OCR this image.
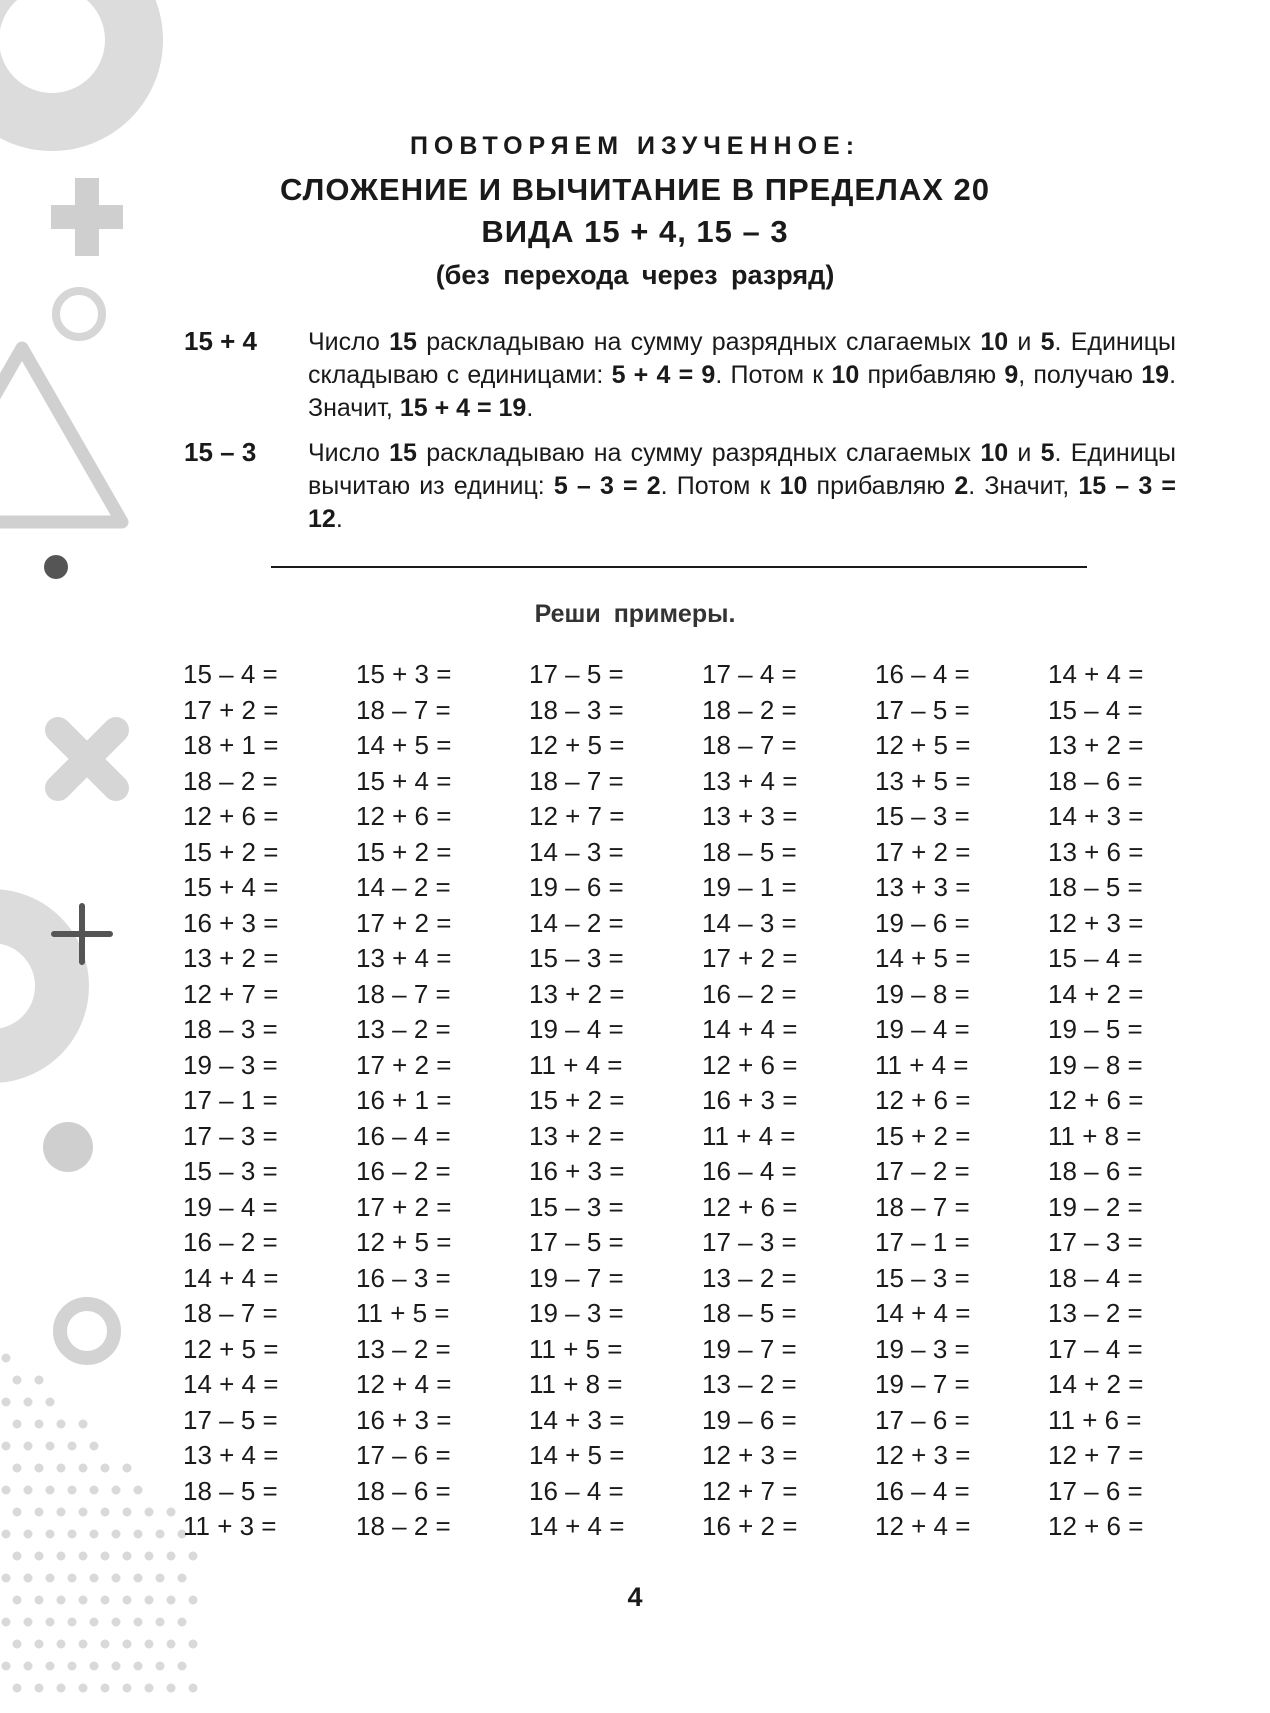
ПОВТОРЯЕМ ИЗУЧЕННОЕ:
СЛОЖЕНИЕ И ВЫЧИТАНИЕ В ПРЕДЕЛАХ 20
ВИДА 15 + 4, 15 – 3
(без перехода через разряд)
15 + 4 Число 15 раскладываю на сумму разрядных слагаемых 10 и 5. Единицы складываю с единицами: 5 + 4 = 9. Потом к 10 прибавляю 9, получаю 19. Значит, 15 + 4 = 19.
15 – 3 Число 15 раскладываю на сумму разрядных слагаемых 10 и 5. Единицы вычитаю из единиц: 5 – 3 = 2. Потом к 10 прибавляю 2. Значит, 15 – 3 = 12.
Реши примеры.
15 – 4 =
17 + 2 =
18 + 1 =
18 – 2 =
12 + 6 =
15 + 2 =
15 + 4 =
16 + 3 =
13 + 2 =
12 + 7 =
18 – 3 =
19 – 3 =
17 – 1 =
17 – 3 =
15 – 3 =
19 – 4 =
16 – 2 =
14 + 4 =
18 – 7 =
12 + 5 =
14 + 4 =
17 – 5 =
13 + 4 =
18 – 5 =
11 + 3 =
15 + 3 =
18 – 7 =
14 + 5 =
15 + 4 =
12 + 6 =
15 + 2 =
14 – 2 =
17 + 2 =
13 + 4 =
18 – 7 =
13 – 2 =
17 + 2 =
16 + 1 =
16 – 4 =
16 – 2 =
17 + 2 =
12 + 5 =
16 – 3 =
11 + 5 =
13 – 2 =
12 + 4 =
16 + 3 =
17 – 6 =
18 – 6 =
18 – 2 =
17 – 5 =
18 – 3 =
12 + 5 =
18 – 7 =
12 + 7 =
14 – 3 =
19 – 6 =
14 – 2 =
15 – 3 =
13 + 2 =
19 – 4 =
11 + 4 =
15 + 2 =
13 + 2 =
16 + 3 =
15 – 3 =
17 – 5 =
19 – 7 =
19 – 3 =
11 + 5 =
11 + 8 =
14 + 3 =
14 + 5 =
16 – 4 =
14 + 4 =
17 – 4 =
18 – 2 =
18 – 7 =
13 + 4 =
13 + 3 =
18 – 5 =
19 – 1 =
14 – 3 =
17 + 2 =
16 – 2 =
14 + 4 =
12 + 6 =
16 + 3 =
11 + 4 =
16 – 4 =
12 + 6 =
17 – 3 =
13 – 2 =
18 – 5 =
19 – 7 =
13 – 2 =
19 – 6 =
12 + 3 =
12 + 7 =
16 + 2 =
16 – 4 =
17 – 5 =
12 + 5 =
13 + 5 =
15 – 3 =
17 + 2 =
13 + 3 =
19 – 6 =
14 + 5 =
19 – 8 =
19 – 4 =
11 + 4 =
12 + 6 =
15 + 2 =
17 – 2 =
18 – 7 =
17 – 1 =
15 – 3 =
14 + 4 =
19 – 3 =
19 – 7 =
17 – 6 =
12 + 3 =
16 – 4 =
12 + 4 =
14 + 4 =
15 – 4 =
13 + 2 =
18 – 6 =
14 + 3 =
13 + 6 =
18 – 5 =
12 + 3 =
15 – 4 =
14 + 2 =
19 – 5 =
19 – 8 =
12 + 6 =
11 + 8 =
18 – 6 =
19 – 2 =
17 – 3 =
18 – 4 =
13 – 2 =
17 – 4 =
14 + 2 =
11 + 6 =
12 + 7 =
17 – 6 =
12 + 6 =
4
